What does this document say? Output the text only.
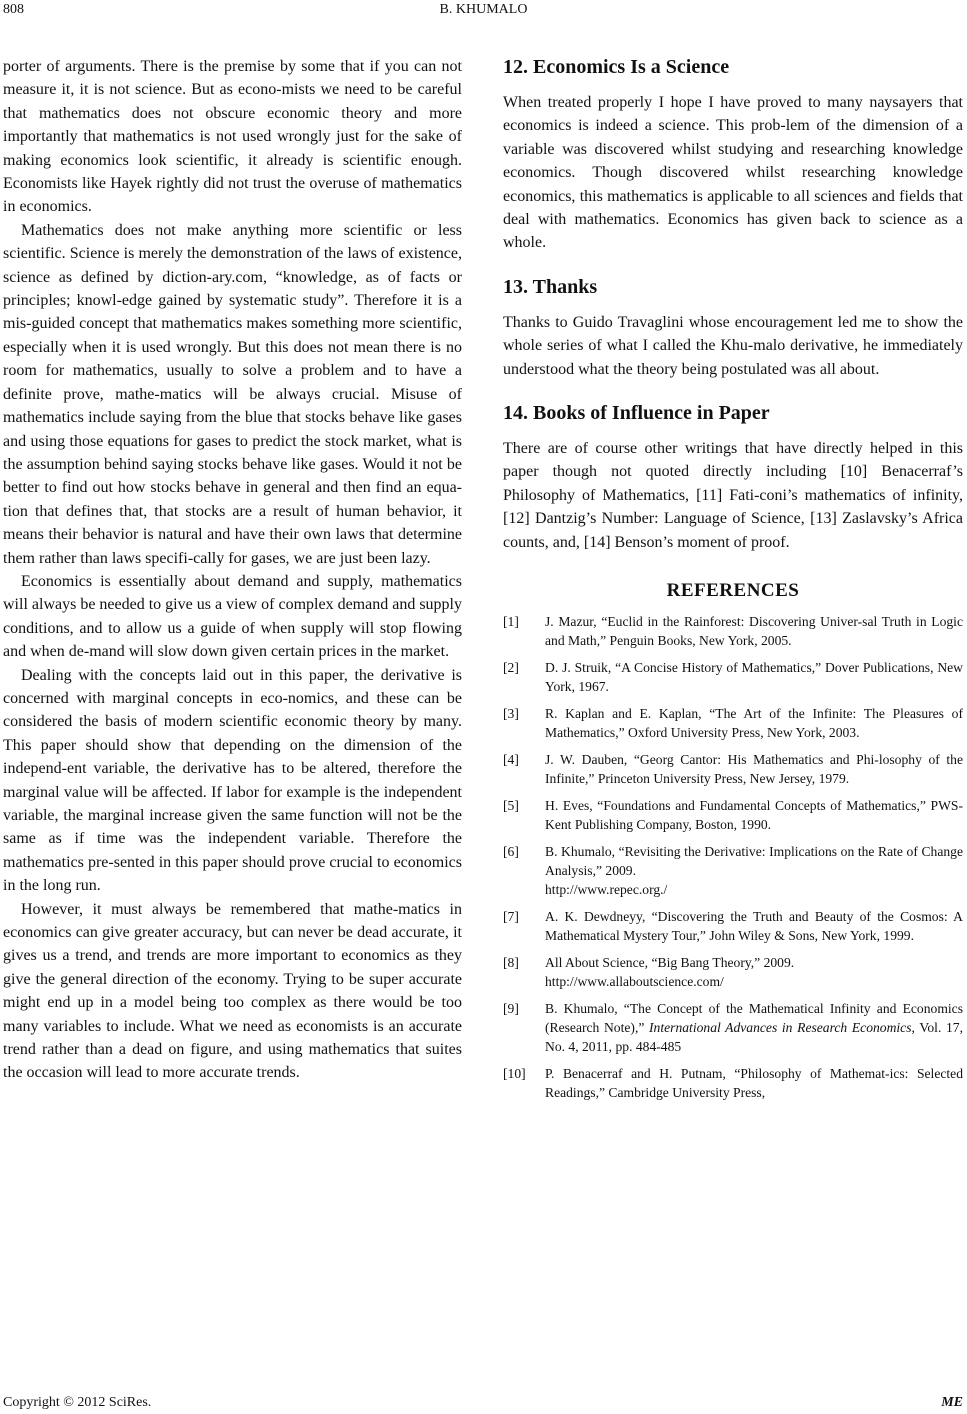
808	B. KHUMALO

porter of arguments. There is the premise by some that if you can not measure it, it is not science. But as econo-mists we need to be careful that mathematics does not obscure economic theory and more importantly that mathematics is not used wrongly just for the sake of making economics look scientific, it already is scientific enough. Economists like Hayek rightly did not trust the overuse of mathematics in economics.

Mathematics does not make anything more scientific or less scientific. Science is merely the demonstration of the laws of existence, science as defined by diction-ary.com, “knowledge, as of facts or principles; knowl-edge gained by systematic study”. Therefore it is a mis-guided concept that mathematics makes something more scientific, especially when it is used wrongly. But this does not mean there is no room for mathematics, usually to solve a problem and to have a definite prove, mathe-matics will be always crucial. Misuse of mathematics include saying from the blue that stocks behave like gases and using those equations for gases to predict the stock market, what is the assumption behind saying stocks behave like gases. Would it not be better to find out how stocks behave in general and then find an equa-tion that defines that, that stocks are a result of human behavior, it means their behavior is natural and have their own laws that determine them rather than laws specifi-cally for gases, we are just been lazy.

Economics is essentially about demand and supply, mathematics will always be needed to give us a view of complex demand and supply conditions, and to allow us a guide of when supply will stop flowing and when de-mand will slow down given certain prices in the market.

Dealing with the concepts laid out in this paper, the derivative is concerned with marginal concepts in eco-nomics, and these can be considered the basis of modern scientific economic theory by many. This paper should show that depending on the dimension of the independ-ent variable, the derivative has to be altered, therefore the marginal value will be affected. If labor for example is the independent variable, the marginal increase given the same function will not be the same as if time was the independent variable. Therefore the mathematics pre-sented in this paper should prove crucial to economics in the long run.

However, it must always be remembered that mathe-matics in economics can give greater accuracy, but can never be dead accurate, it gives us a trend, and trends are more important to economics as they give the general direction of the economy. Trying to be super accurate might end up in a model being too complex as there would be too many variables to include. What we need as economists is an accurate trend rather than a dead on figure, and using mathematics that suites the occasion will lead to more accurate trends.

12. Economics Is a Science

When treated properly I hope I have proved to many naysayers that economics is indeed a science. This prob-lem of the dimension of a variable was discovered whilst studying and researching knowledge economics. Though discovered whilst researching knowledge economics, this mathematics is applicable to all sciences and fields that deal with mathematics. Economics has given back to science as a whole.

13. Thanks

Thanks to Guido Travaglini whose encouragement led me to show the whole series of what I called the Khu-malo derivative, he immediately understood what the theory being postulated was all about.

14. Books of Influence in Paper

There are of course other writings that have directly helped in this paper though not quoted directly including [10] Benacerraf’s Philosophy of Mathematics, [11] Fati-coni’s mathematics of infinity, [12] Dantzig’s Number: Language of Science, [13] Zaslavsky’s Africa counts, and, [14] Benson’s moment of proof.

REFERENCES
[1]	J. Mazur, “Euclid in the Rainforest: Discovering Univer-sal Truth in Logic and Math,” Penguin Books, New York, 2005.
[2]	D. J. Struik, “A Concise History of Mathematics,” Dover Publications, New York, 1967.
[3]	R. Kaplan and E. Kaplan, “The Art of the Infinite: The Pleasures of Mathematics,” Oxford University Press, New York, 2003.
[4]	J. W. Dauben, “Georg Cantor: His Mathematics and Phi-losophy of the Infinite,” Princeton University Press, New Jersey, 1979.
[5]	H. Eves, “Foundations and Fundamental Concepts of Mathematics,” PWS-Kent Publishing Company, Boston, 1990.
[6]	B. Khumalo, “Revisiting the Derivative: Implications on the Rate of Change Analysis,” 2009.
http://www.repec.org./
[7]	A. K. Dewdneyy, “Discovering the Truth and Beauty of the Cosmos: A Mathematical Mystery Tour,” John Wiley & Sons, New York, 1999.
[8]	All About Science, “Big Bang Theory,” 2009.
http://www.allaboutscience.com/
[9]	B. Khumalo, “The Concept of the Mathematical Infinity and Economics (Research Note),” International Advances in Research Economics, Vol. 17, No. 4, 2011, pp. 484-485
[10]	P. Benacerraf and H. Putnam, “Philosophy of Mathemat-ics: Selected Readings,” Cambridge University Press,
Copyright © 2012 SciRes.	ME
